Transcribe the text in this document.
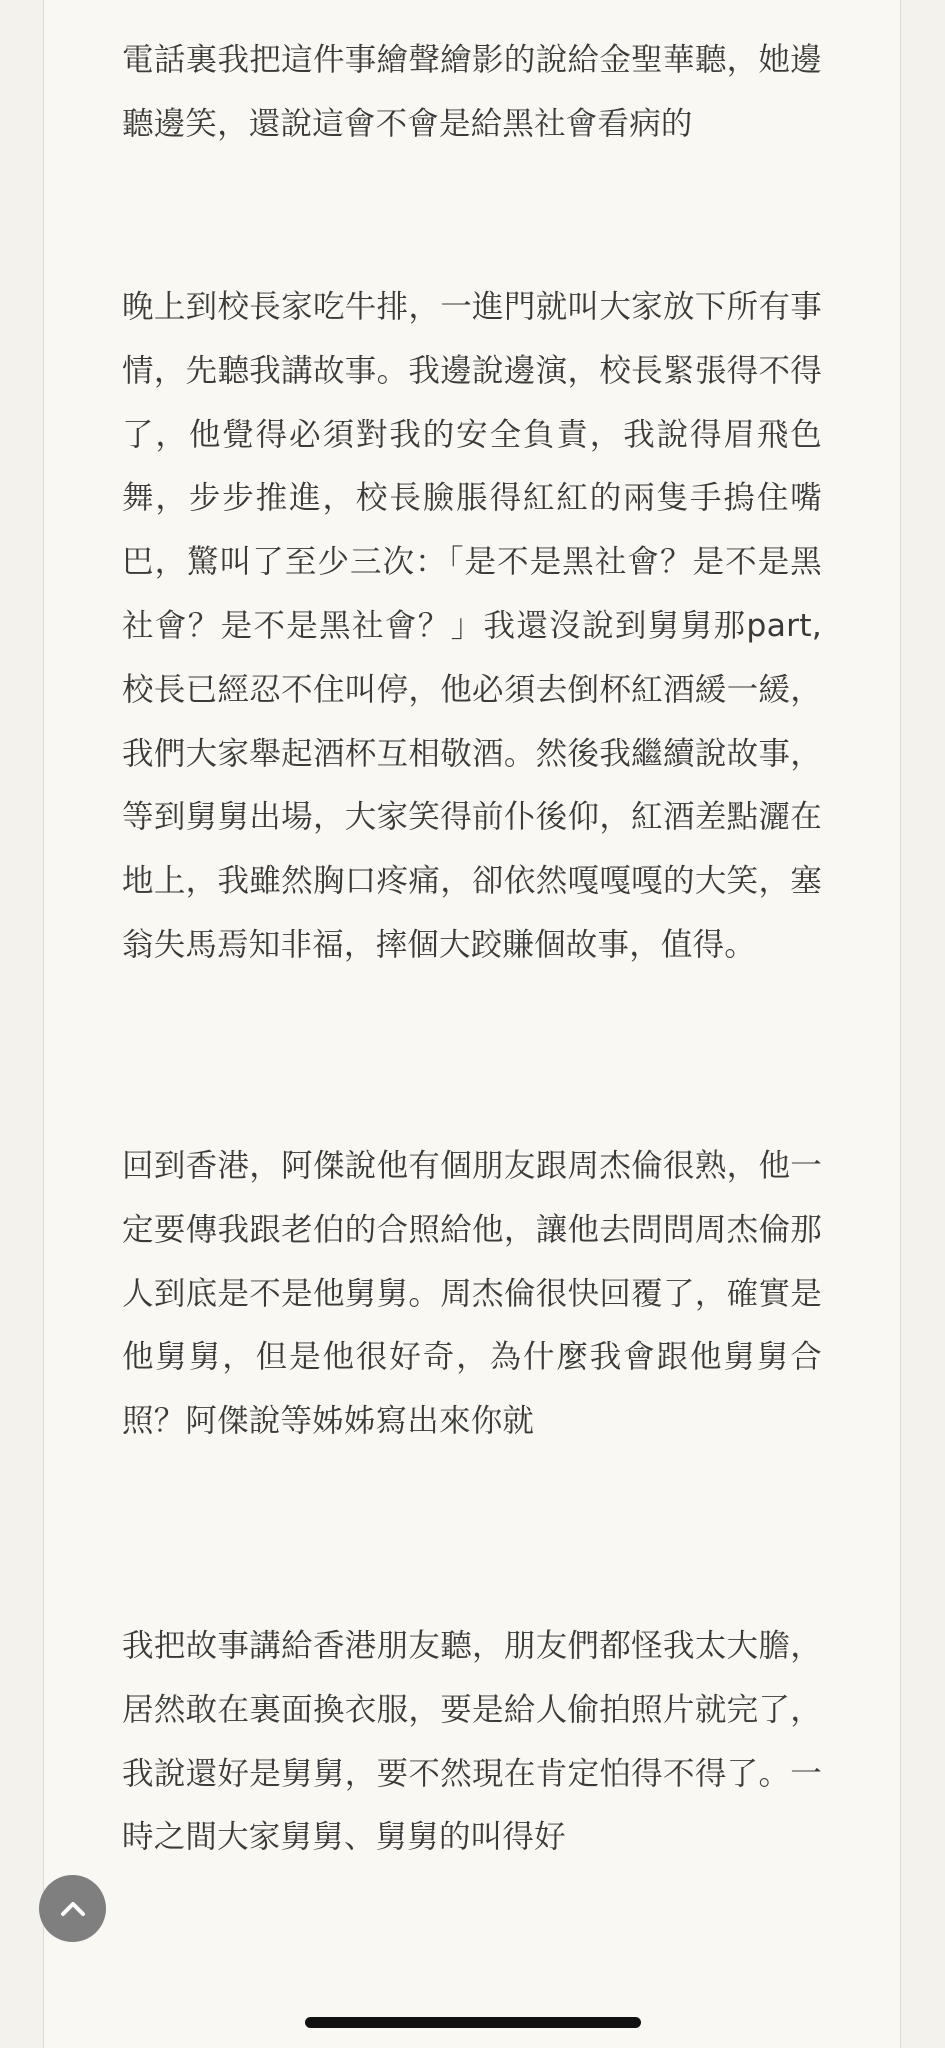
電話裏我把這件事繪聲繪影的說給金聖華聽，她邊聽邊笑，還說這會不會是給黑社會看病的

晚上到校長家吃牛排，一進門就叫大家放下所有事情，先聽我講故事。我邊說邊演，校長緊張得不得了，他覺得必須對我的安全負責，我說得眉飛色舞，步步推進，校長臉脹得紅紅的兩隻手摀住嘴巴，驚叫了至少三次：「是不是黑社會？是不是黑社會？是不是黑社會？」我還沒說到舅舅那part,校長已經忍不住叫停，他必須去倒杯紅酒緩一緩，我們大家舉起酒杯互相敬酒。然後我繼續說故事，等到舅舅出場，大家笑得前仆後仰，紅酒差點灑在地上，我雖然胸口疼痛，卻依然嘎嘎嘎的大笑，塞翁失馬焉知非福，摔個大跤賺個故事，值得。

回到香港，阿傑說他有個朋友跟周杰倫很熟，他一定要傳我跟老伯的合照給他，讓他去問問周杰倫那人到底是不是他舅舅。周杰倫很快回覆了，確實是他舅舅，但是他很好奇，為什麼我會跟他舅舅合照？阿傑說等姊姊寫出來你就

我把故事講給香港朋友聽，朋友們都怪我太大膽，居然敢在裏面換衣服，要是給人偷拍照片就完了，我說還好是舅舅，要不然現在肯定怕得不得了。一時之間大家舅舅、舅舅的叫得好
